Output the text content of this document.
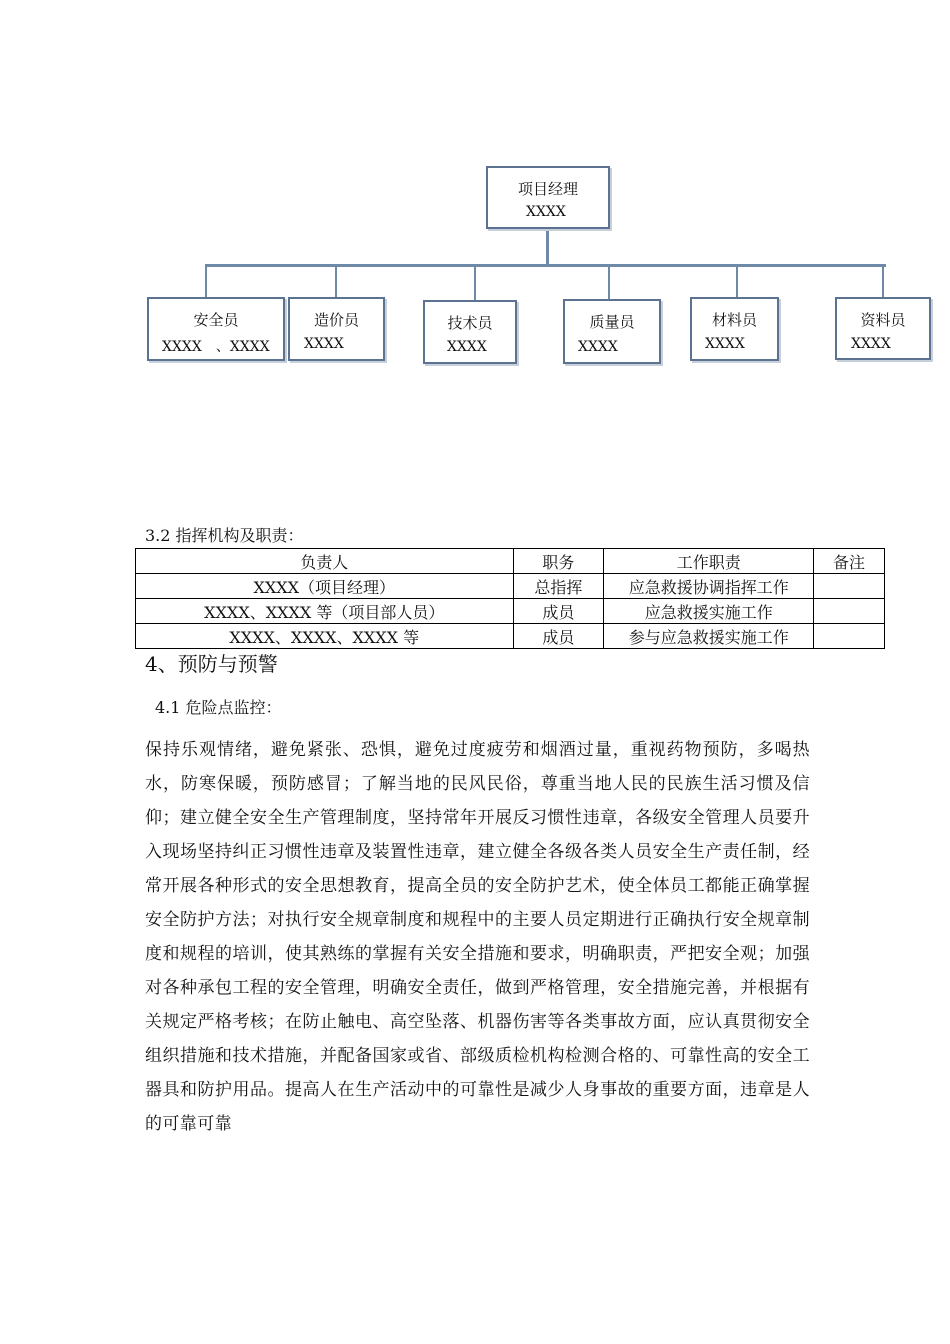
项目经理
XXXX
安全员
XXXX　、XXXX
造价员
XXXX
技术员
XXXX
质量员
XXXX
材料员
XXXX
资料员
XXXX
3.2 指挥机构及职责：
负责人	职务	工作职责	备注
XXXX（项目经理）	总指挥	应急救援协调指挥工作	
XXXX、XXXX 等（项目部人员）	成员	应急救援实施工作	
XXXX、XXXX、XXXX 等	成员	参与应急救援实施工作	
4、预防与预警
4.1 危险点监控：
保持乐观情绪，避免紧张、恐惧，避免过度疲劳和烟酒过量，重视药物预防，多喝热水，防寒保暖，预防感冒；了解当地的民风民俗，尊重当地人民的民族生活习惯及信仰；建立健全安全生产管理制度，坚持常年开展反习惯性违章，各级安全管理人员要升入现场坚持纠正习惯性违章及装置性违章，建立健全各级各类人员安全生产责任制，经常开展各种形式的安全思想教育，提高全员的安全防护艺术，使全体员工都能正确掌握安全防护方法；对执行安全规章制度和规程中的主要人员定期进行正确执行安全规章制度和规程的培训，使其熟练的掌握有关安全措施和要求，明确职责，严把安全观；加强对各种承包工程的安全管理，明确安全责任，做到严格管理，安全措施完善，并根据有关规定严格考核；在防止触电、高空坠落、机器伤害等各类事故方面，应认真贯彻安全组织措施和技术措施，并配备国家或省、部级质检机构检测合格的、可靠性高的安全工器具和防护用品。提高人在生产活动中的可靠性是减少人身事故的重要方面，违章是人的可靠可靠
